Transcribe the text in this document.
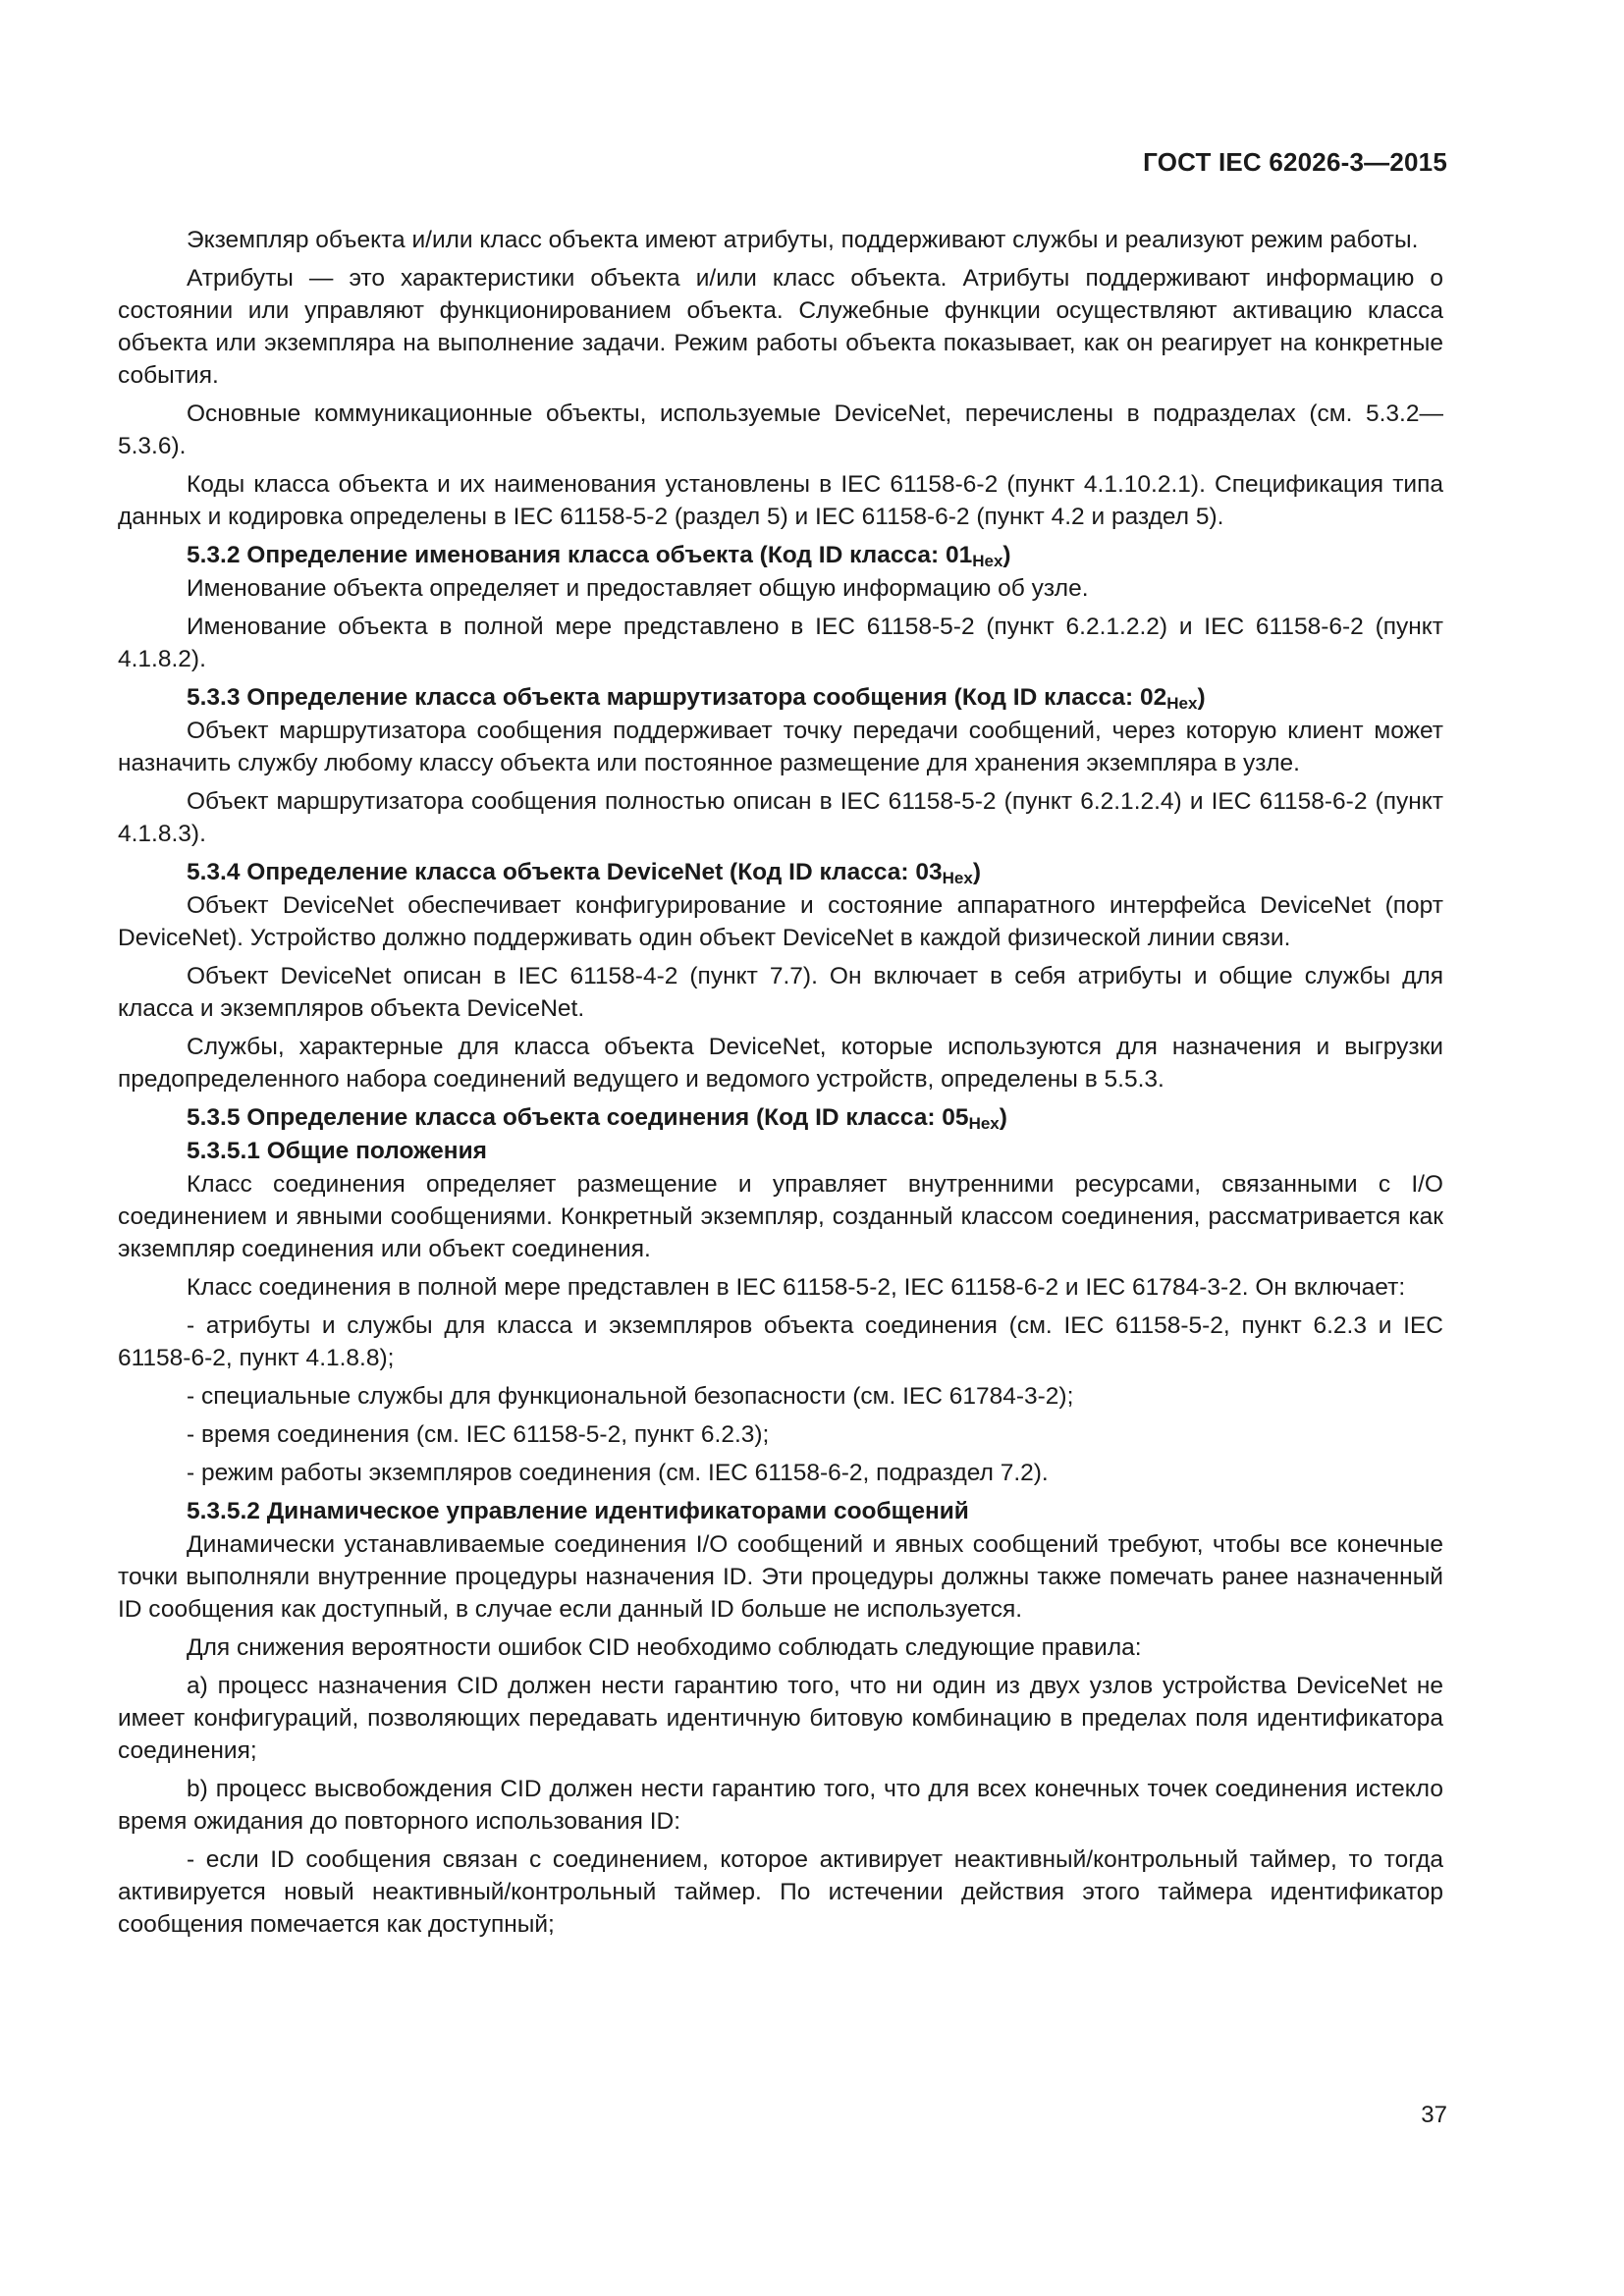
ГОСТ IEC 62026-3—2015
Экземпляр объекта и/или класс объекта имеют атрибуты, поддерживают службы и реализуют режим работы.
Атрибуты — это характеристики объекта и/или класс объекта. Атрибуты поддерживают информацию о состоянии или управляют функционированием объекта. Служебные функции осуществляют активацию класса объекта или экземпляра на выполнение задачи. Режим работы объекта показывает, как он реагирует на конкретные события.
Основные коммуникационные объекты, используемые DeviceNet, перечислены в подразделах (см. 5.3.2—5.3.6).
Коды класса объекта и их наименования установлены в IEC 61158-6-2 (пункт 4.1.10.2.1). Спецификация типа данных и кодировка определены в IEC 61158-5-2 (раздел 5) и IEC 61158-6-2 (пункт 4.2 и раздел 5).
5.3.2 Определение именования класса объекта (Код ID класса: $01_{Hex}$)
Именование объекта определяет и предоставляет общую информацию об узле.
Именование объекта в полной мере представлено в IEC 61158-5-2 (пункт 6.2.1.2.2) и IEC 61158-6-2 (пункт 4.1.8.2).
5.3.3 Определение класса объекта маршрутизатора сообщения (Код ID класса: $02_{Hex}$)
Объект маршрутизатора сообщения поддерживает точку передачи сообщений, через которую клиент может назначить службу любому классу объекта или постоянное размещение для хранения экземпляра в узле.
Объект маршрутизатора сообщения полностью описан в IEC 61158-5-2 (пункт 6.2.1.2.4) и IEC 61158-6-2 (пункт 4.1.8.3).
5.3.4 Определение класса объекта DeviceNet (Код ID класса: $03_{Hex}$)
Объект DeviceNet обеспечивает конфигурирование и состояние аппаратного интерфейса DeviceNet (порт DeviceNet). Устройство должно поддерживать один объект DeviceNet в каждой физической линии связи.
Объект DeviceNet описан в IEC 61158-4-2 (пункт 7.7). Он включает в себя атрибуты и общие службы для класса и экземпляров объекта DeviceNet.
Службы, характерные для класса объекта DeviceNet, которые используются для назначения и выгрузки предопределенного набора соединений ведущего и ведомого устройств, определены в 5.5.3.
5.3.5 Определение класса объекта соединения (Код ID класса: $05_{Hex}$)
5.3.5.1 Общие положения
Класс соединения определяет размещение и управляет внутренними ресурсами, связанными с I/O соединением и явными сообщениями. Конкретный экземпляр, созданный классом соединения, рассматривается как экземпляр соединения или объект соединения.
Класс соединения в полной мере представлен в IEC 61158-5-2, IEC 61158-6-2 и IEC 61784-3-2. Он включает:
- атрибуты и службы для класса и экземпляров объекта соединения (см. IEC 61158-5-2, пункт 6.2.3 и IEC 61158-6-2, пункт 4.1.8.8);
- специальные службы для функциональной безопасности (см. IEC 61784-3-2);
- время соединения (см. IEC 61158-5-2, пункт 6.2.3);
- режим работы экземпляров соединения (см. IEC 61158-6-2, подраздел 7.2).
5.3.5.2 Динамическое управление идентификаторами сообщений
Динамически устанавливаемые соединения I/O сообщений и явных сообщений требуют, чтобы все конечные точки выполняли внутренние процедуры назначения ID. Эти процедуры должны также помечать ранее назначенный ID сообщения как доступный, в случае если данный ID больше не используется.
Для снижения вероятности ошибок CID необходимо соблюдать следующие правила:
а) процесс назначения CID должен нести гарантию того, что ни один из двух узлов устройства DeviceNet не имеет конфигураций, позволяющих передавать идентичную битовую комбинацию в пределах поля идентификатора соединения;
b) процесс высвобождения CID должен нести гарантию того, что для всех конечных точек соединения истекло время ожидания до повторного использования ID:
- если ID сообщения связан с соединением, которое активирует неактивный/контрольный таймер, то тогда активируется новый неактивный/контрольный таймер. По истечении действия этого таймера идентификатор сообщения помечается как доступный;
37
